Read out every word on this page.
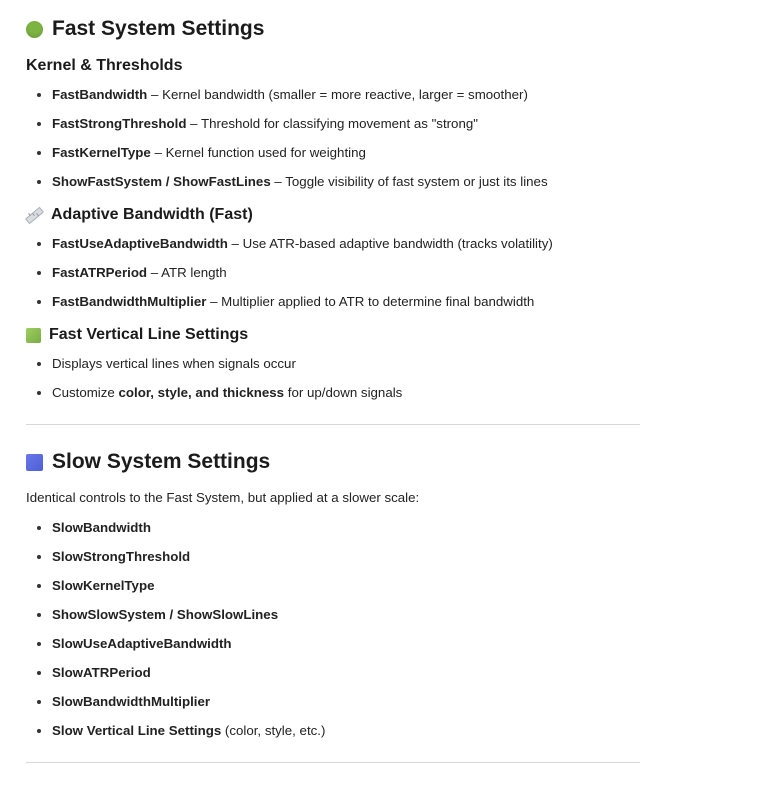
Fast System Settings
Kernel & Thresholds
FastBandwidth – Kernel bandwidth (smaller = more reactive, larger = smoother)
FastStrongThreshold – Threshold for classifying movement as "strong"
FastKernelType – Kernel function used for weighting
ShowFastSystem / ShowFastLines – Toggle visibility of fast system or just its lines
Adaptive Bandwidth (Fast)
FastUseAdaptiveBandwidth – Use ATR-based adaptive bandwidth (tracks volatility)
FastATRPeriod – ATR length
FastBandwidthMultiplier – Multiplier applied to ATR to determine final bandwidth
Fast Vertical Line Settings
Displays vertical lines when signals occur
Customize color, style, and thickness for up/down signals
Slow System Settings

Identical controls to the Fast System, but applied at a slower scale:

SlowBandwidth
SlowStrongThreshold
SlowKernelType
ShowSlowSystem / ShowSlowLines
SlowUseAdaptiveBandwidth
SlowATRPeriod
SlowBandwidthMultiplier
Slow Vertical Line Settings (color, style, etc.)
